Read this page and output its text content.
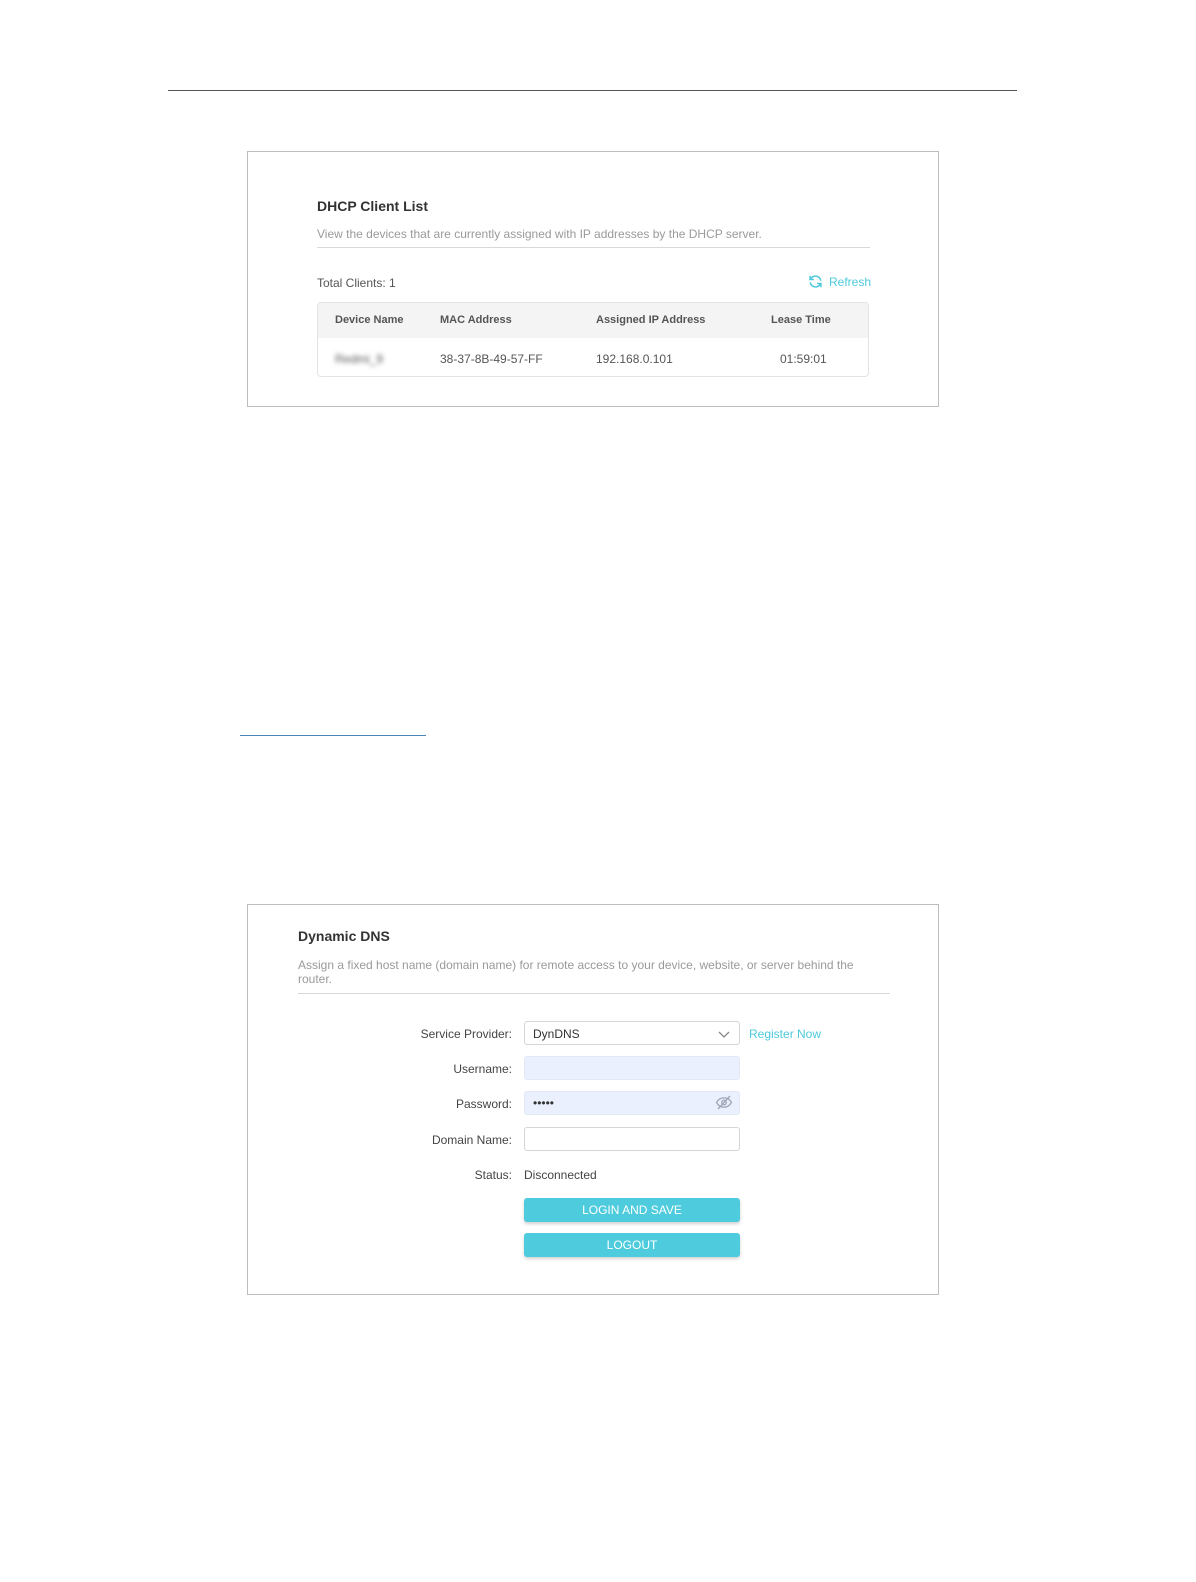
DHCP Client List
View the devices that are currently assigned with IP addresses by the DHCP server.
Total Clients: 1	Refresh
Device Name	MAC Address	Assigned IP Address	Lease Time
Redmi_9	38-37-8B-49-57-FF	192.168.0.101	01:59:01
Dynamic DNS
Assign a fixed host name (domain name) for remote access to your device, website, or server behind the router.
Service Provider: DynDNS	Register Now
Username:
Password:
•••••
Domain Name:
Status: Disconnected
LOGIN AND SAVE
LOGOUT
